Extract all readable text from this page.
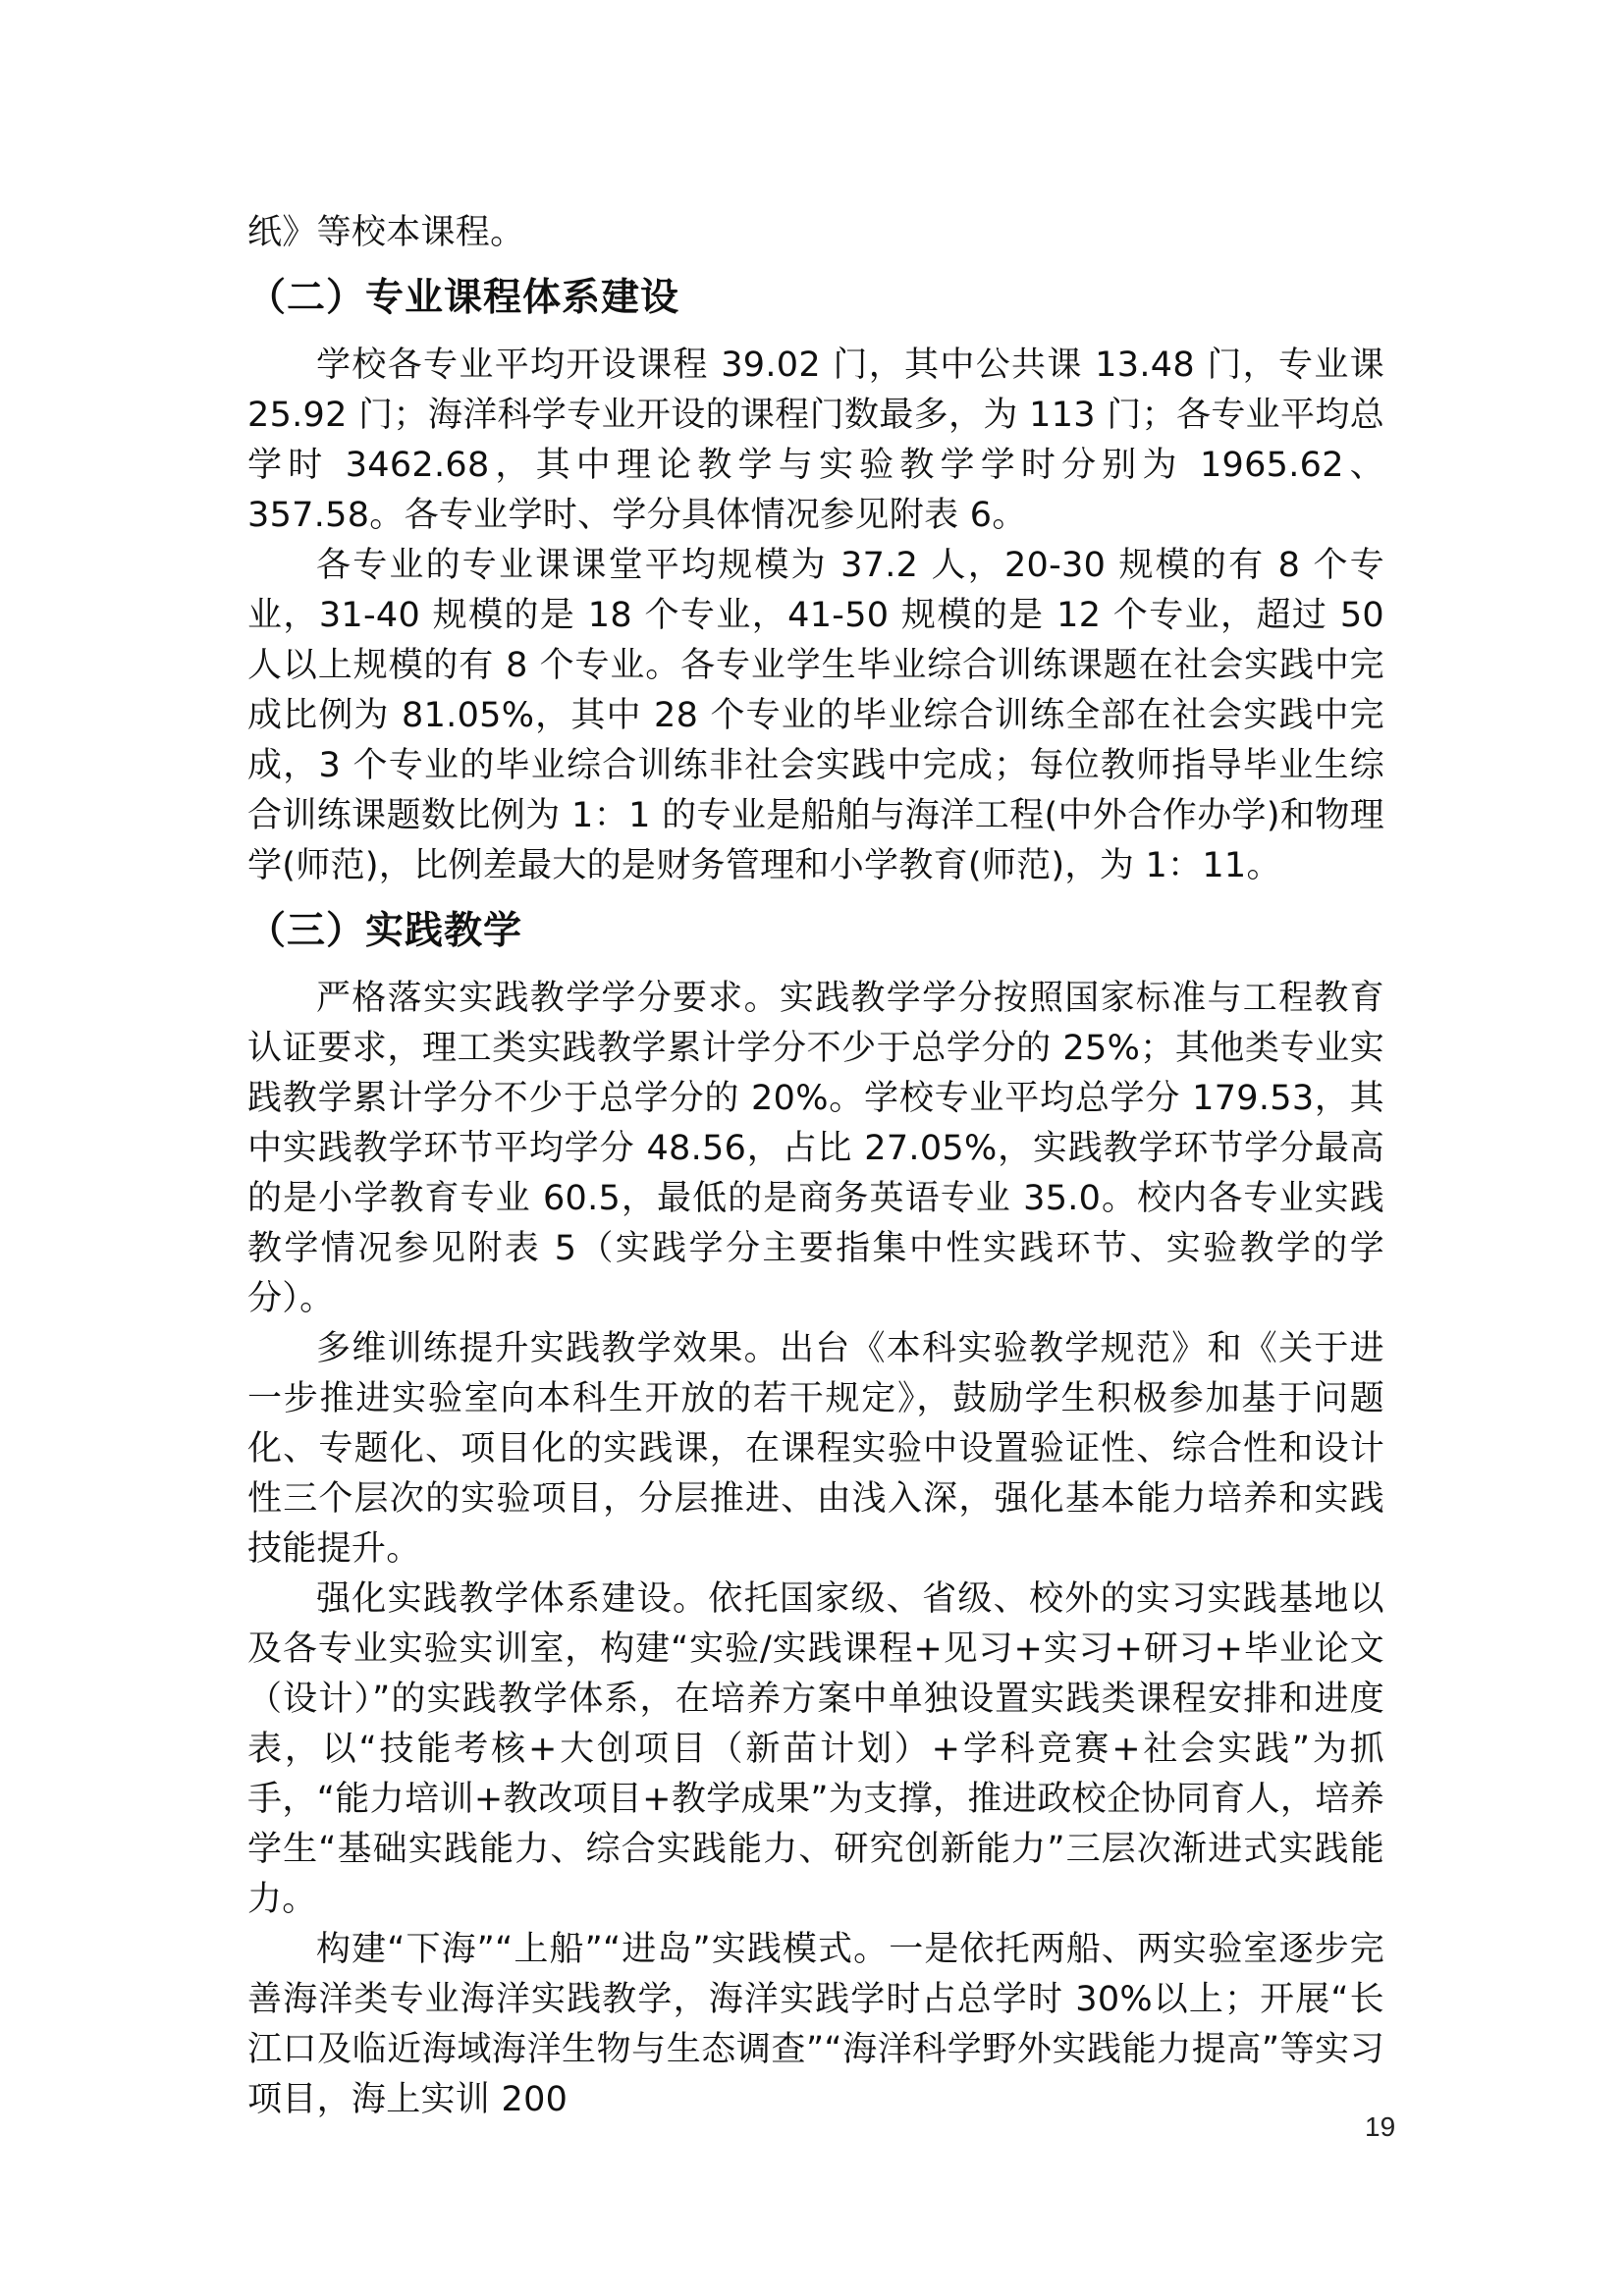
纸》等校本课程。

（二）专业课程体系建设

学校各专业平均开设课程 39.02 门，其中公共课 13.48 门，专业课 25.92 门；海洋科学专业开设的课程门数最多，为 113 门；各专业平均总学时 3462.68，其中理论教学与实验教学学时分别为 1965.62、357.58。各专业学时、学分具体情况参见附表 6。

各专业的专业课课堂平均规模为 37.2 人，20-30 规模的有 8 个专业，31-40 规模的是 18 个专业，41-50 规模的是 12 个专业，超过 50 人以上规模的有 8 个专业。各专业学生毕业综合训练课题在社会实践中完成比例为 81.05%，其中 28 个专业的毕业综合训练全部在社会实践中完成，3 个专业的毕业综合训练非社会实践中完成；每位教师指导毕业生综合训练课题数比例为 1：1 的专业是船舶与海洋工程(中外合作办学)和物理学(师范)，比例差最大的是财务管理和小学教育(师范)，为 1：11。

（三）实践教学

严格落实实践教学学分要求。实践教学学分按照国家标准与工程教育认证要求，理工类实践教学累计学分不少于总学分的 25%；其他类专业实践教学累计学分不少于总学分的 20%。学校专业平均总学分 179.53，其中实践教学环节平均学分 48.56，占比 27.05%，实践教学环节学分最高的是小学教育专业 60.5，最低的是商务英语专业 35.0。校内各专业实践教学情况参见附表 5（实践学分主要指集中性实践环节、实验教学的学分）。

多维训练提升实践教学效果。出台《本科实验教学规范》和《关于进一步推进实验室向本科生开放的若干规定》，鼓励学生积极参加基于问题化、专题化、项目化的实践课，在课程实验中设置验证性、综合性和设计性三个层次的实验项目，分层推进、由浅入深，强化基本能力培养和实践技能提升。

强化实践教学体系建设。依托国家级、省级、校外的实习实践基地以及各专业实验实训室，构建“实验/实践课程+见习+实习+研习+毕业论文（设计）”的实践教学体系，在培养方案中单独设置实践类课程安排和进度表，以“技能考核+大创项目（新苗计划）+学科竞赛+社会实践”为抓手，“能力培训+教改项目+教学成果”为支撑，推进政校企协同育人，培养学生“基础实践能力、综合实践能力、研究创新能力”三层次渐进式实践能力。

构建“下海”“上船”“进岛”实践模式。一是依托两船、两实验室逐步完善海洋类专业海洋实践教学，海洋实践学时占总学时 30%以上；开展“长江口及临近海域海洋生物与生态调查”“海洋科学野外实践能力提高”等实习项目，海上实训 200

19
